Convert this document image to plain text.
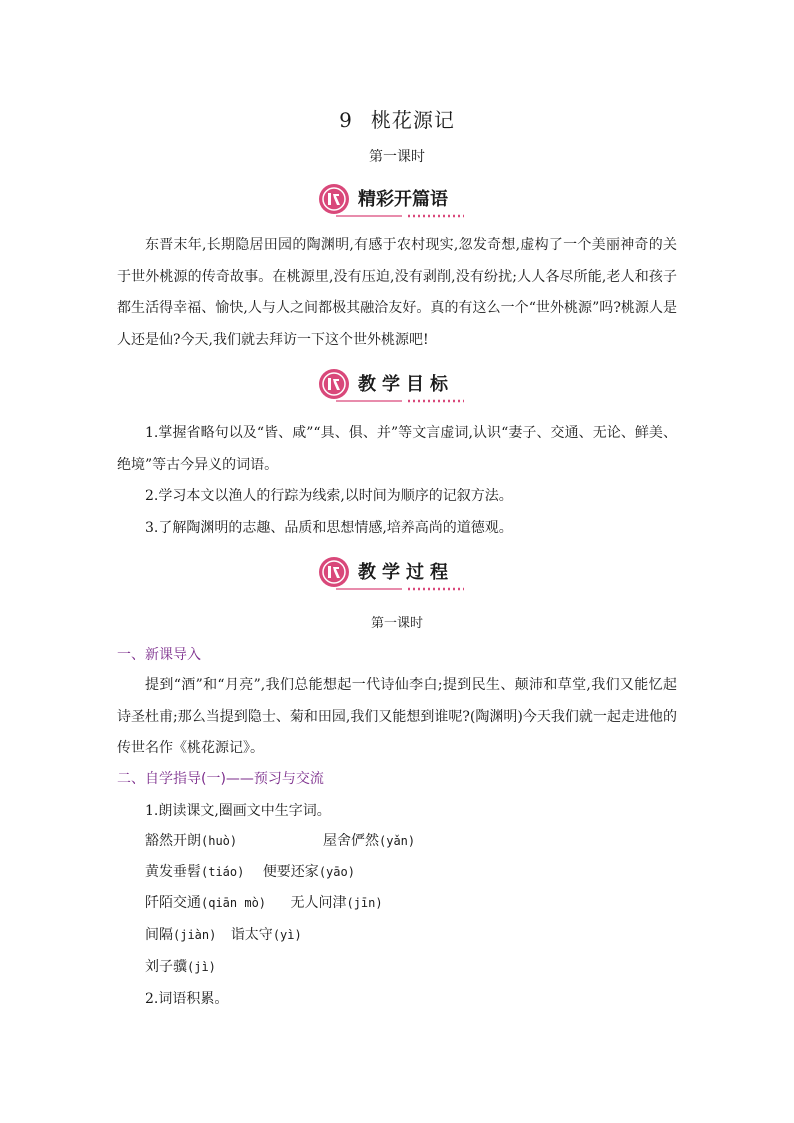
9 桃花源记
第一课时
精彩开篇语

东晋末年,长期隐居田园的陶渊明,有感于农村现实,忽发奇想,虚构了一个美丽神奇的关于世外桃源的传奇故事。在桃源里,没有压迫,没有剥削,没有纷扰;人人各尽所能,老人和孩子都生活得幸福、愉快,人与人之间都极其融洽友好。真的有这么一个“世外桃源”吗?桃源人是人还是仙?今天,我们就去拜访一下这个世外桃源吧!

教学目标

1.掌握省略句以及“皆、咸”“具、俱、并”等文言虚词,认识“妻子、交通、无论、鲜美、绝境”等古今异义的词语。

2.学习本文以渔人的行踪为线索,以时间为顺序的记叙方法。

3.了解陶渊明的志趣、品质和思想情感,培养高尚的道德观。

教学过程
第一课时
一、新课导入

提到“酒”和“月亮”,我们总能想起一代诗仙李白;提到民生、颠沛和草堂,我们又能忆起诗圣杜甫;那么当提到隐士、菊和田园,我们又能想到谁呢?(陶渊明)今天我们就一起走进他的传世名作《桃花源记》。

二、自学指导(一)——预习与交流
1.朗读课文,圈画文中生字词。
豁然开朗(huò)	屋舍俨然(yǎn)
黄发垂髫(tiáo) 便要还家(yāo)
阡陌交通(qiān mò) 无人问津(jīn)
间隔(jiàn) 诣太守(yì)
刘子骥(jì)
2.词语积累。
